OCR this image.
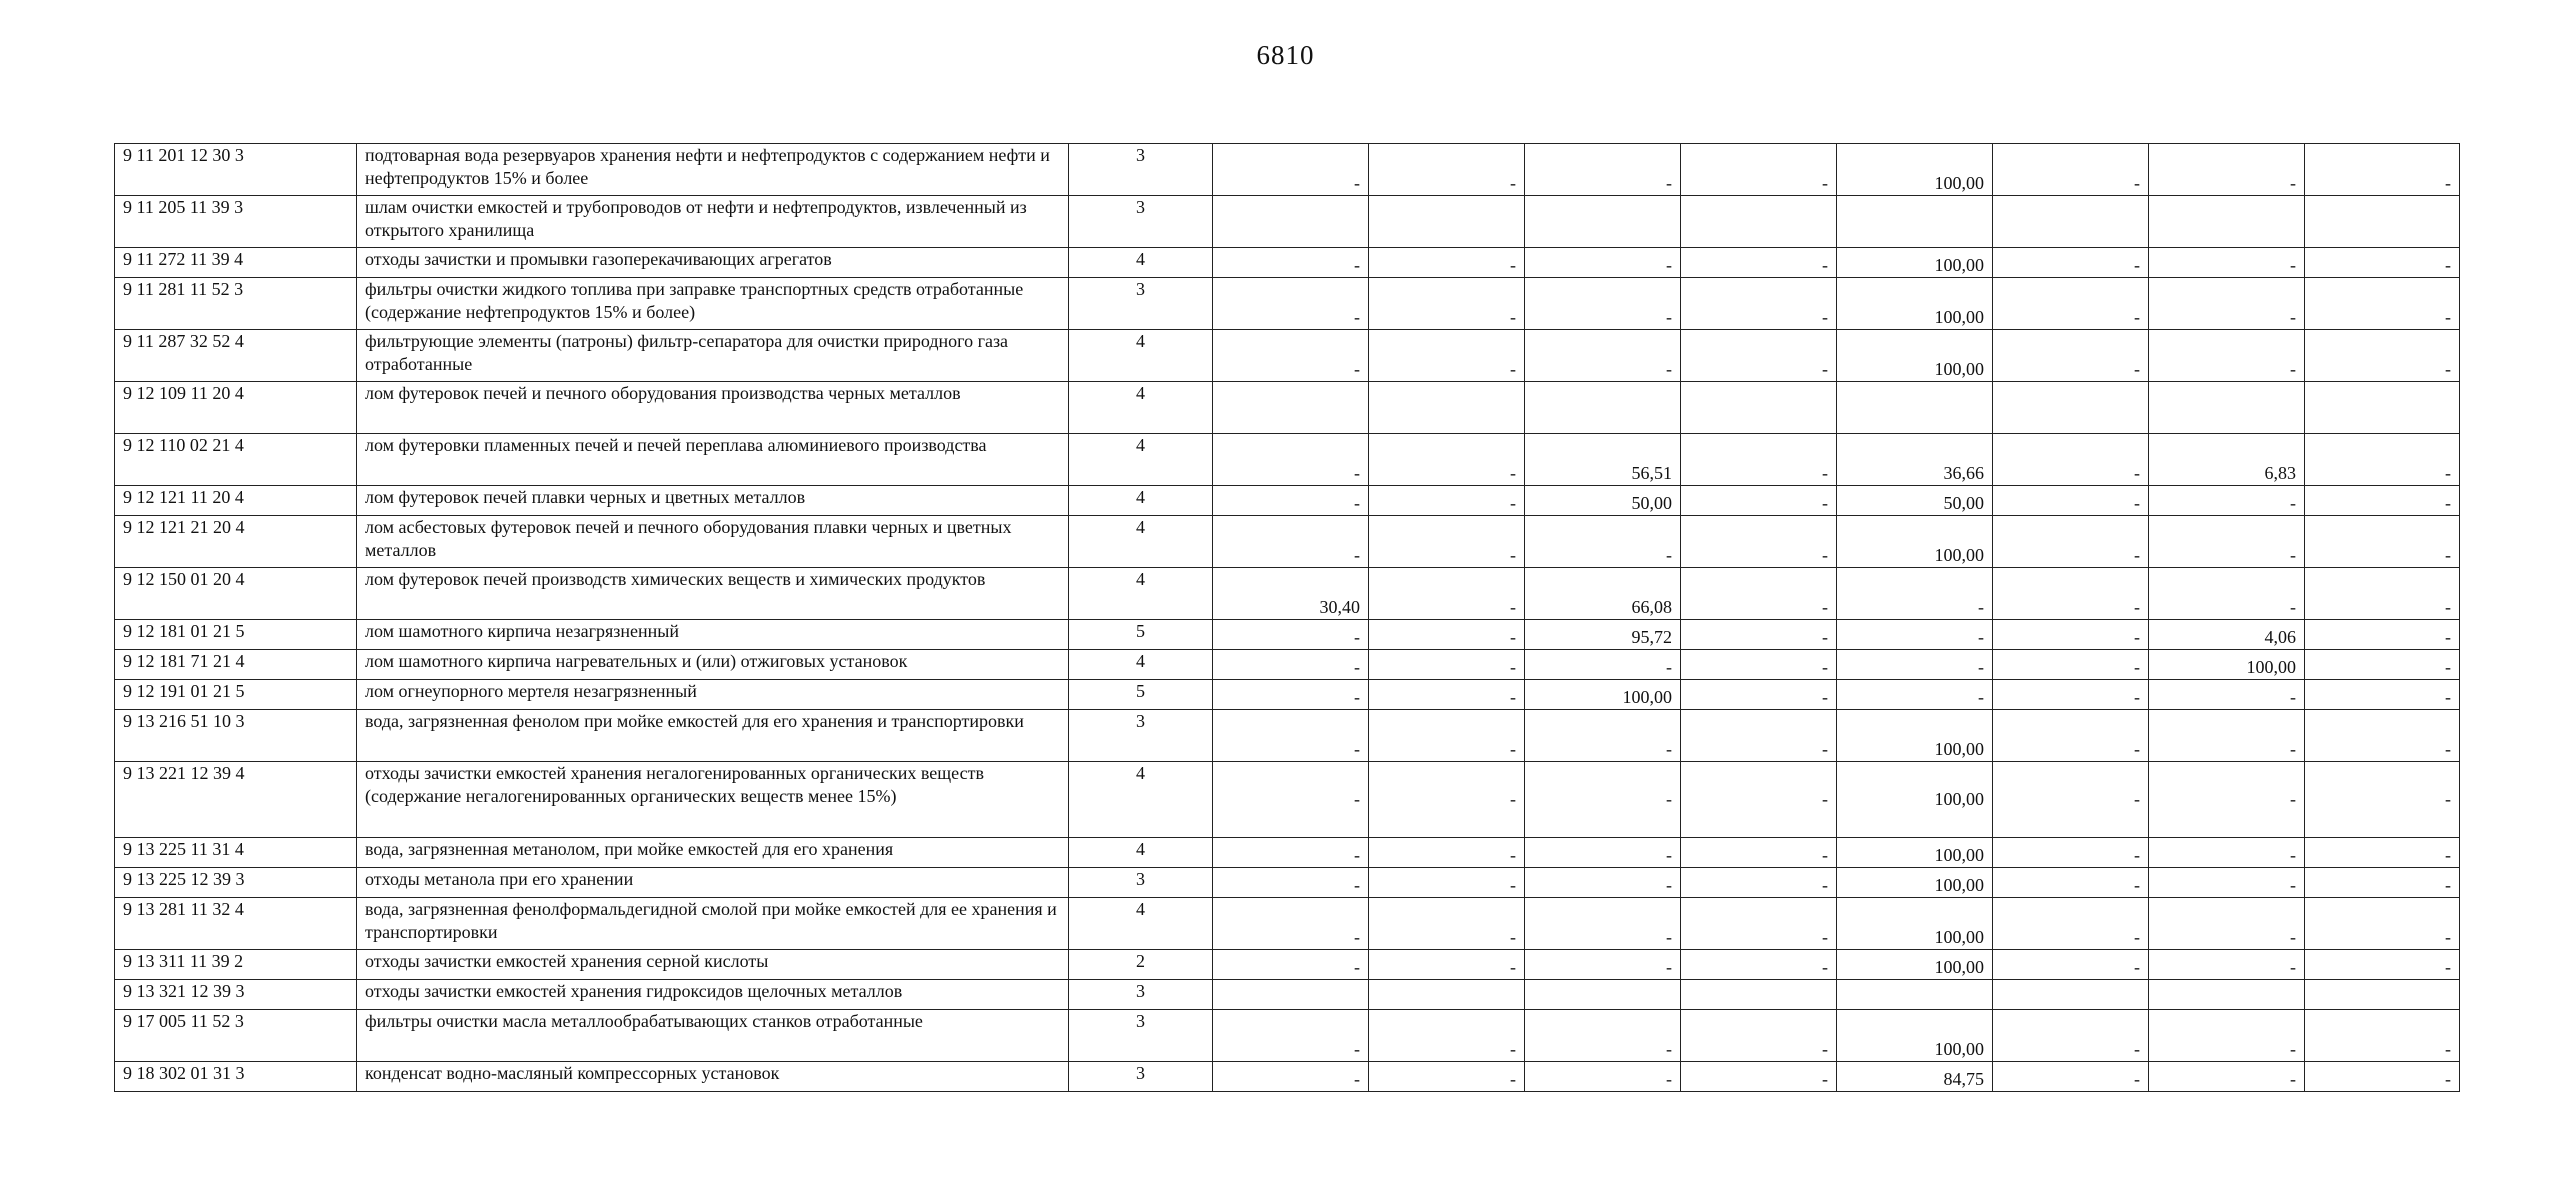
6810
9 11 201 12 30 3	подтоварная вода резервуаров хранения нефти и нефтепродуктов с содержанием нефти и нефтепродуктов 15% и более	3	-	-	-	-	100,00	-	-	-
9 11 205 11 39 3	шлам очистки емкостей и трубопроводов от нефти и нефтепродуктов, извлеченный из открытого хранилища	3								
9 11 272 11 39 4	отходы зачистки и промывки газоперекачивающих агрегатов	4	-	-	-	-	100,00	-	-	-
9 11 281 11 52 3	фильтры очистки жидкого топлива при заправке транспортных средств отработанные (содержание нефтепродуктов 15% и более)	3	-	-	-	-	100,00	-	-	-
9 11 287 32 52 4	фильтрующие элементы (патроны) фильтр-сепаратора для очистки природного газа отработанные	4	-	-	-	-	100,00	-	-	-
9 12 109 11 20 4	лом футеровок печей и печного оборудования производства черных металлов	4								
9 12 110 02 21 4	лом футеровки пламенных печей и печей переплава алюминиевого производства	4	-	-	56,51	-	36,66	-	6,83	-
9 12 121 11 20 4	лом футеровок печей плавки черных и цветных металлов	4	-	-	50,00	-	50,00	-	-	-
9 12 121 21 20 4	лом асбестовых футеровок печей и печного оборудования плавки черных и цветных металлов	4	-	-	-	-	100,00	-	-	-
9 12 150 01 20 4	лом футеровок печей производств химических веществ и химических продуктов	4	30,40	-	66,08	-	-	-	-	-
9 12 181 01 21 5	лом шамотного кирпича незагрязненный	5	-	-	95,72	-	-	-	4,06	-
9 12 181 71 21 4	лом шамотного кирпича нагревательных и (или) отжиговых установок	4	-	-	-	-	-	-	100,00	-
9 12 191 01 21 5	лом огнеупорного мертеля незагрязненный	5	-	-	100,00	-	-	-	-	-
9 13 216 51 10 3	вода, загрязненная фенолом при мойке емкостей для его хранения и транспортировки	3	-	-	-	-	100,00	-	-	-
9 13 221 12 39 4	отходы зачистки емкостей хранения негалогенированных органических веществ (содержание негалогенированных органических веществ менее 15%)	4	-	-	-	-	100,00	-	-	-
9 13 225 11 31 4	вода, загрязненная метанолом, при мойке емкостей для его хранения	4	-	-	-	-	100,00	-	-	-
9 13 225 12 39 3	отходы метанола при его хранении	3	-	-	-	-	100,00	-	-	-
9 13 281 11 32 4	вода, загрязненная фенолформальдегидной смолой при мойке емкостей для ее хранения и транспортировки	4	-	-	-	-	100,00	-	-	-
9 13 311 11 39 2	отходы зачистки емкостей хранения серной кислоты	2	-	-	-	-	100,00	-	-	-
9 13 321 12 39 3	отходы зачистки емкостей хранения гидроксидов щелочных металлов	3								
9 17 005 11 52 3	фильтры очистки масла металлообрабатывающих станков отработанные	3	-	-	-	-	100,00	-	-	-
9 18 302 01 31 3	конденсат водно-масляный компрессорных установок	3	-	-	-	-	84,75	-	-	-
